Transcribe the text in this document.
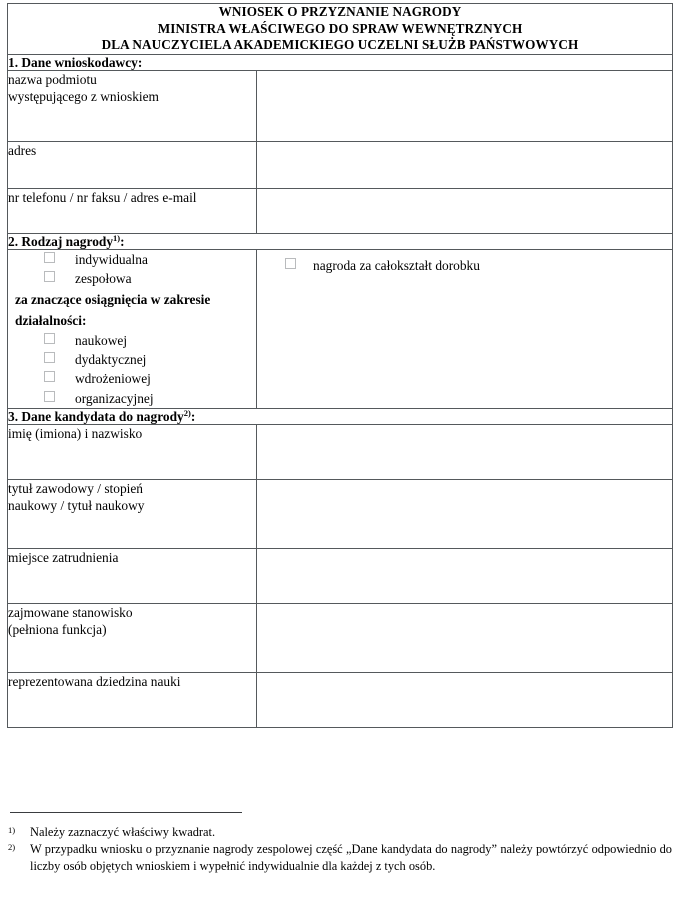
WNIOSEK O PRZYZNANIE NAGRODY
MINISTRA WŁAŚCIWEGO DO SPRAW WEWNĘTRZNYCH
DLA NAUCZYCIELA AKADEMICKIEGO UCZELNI SŁUŻB PAŃSTWOWYCH	

1. Dane wnioskodawcy:	

nazwa podmiotu
występującego z wnioskiem	

adres	

nr telefonu / nr faksu / adres e-mail	

2. Rodzaj nagrody$^{1)}$:	

indywidualna
zespołowa
za znaczące osiągnięcia w zakresie działalności:
naukowej
dydaktycznej
wdrożeniowej
organizacyjnej

nagroda za całokształt dorobku

3. Dane kandydata do nagrody$^{2)}$:	

imię (imiona) i nazwisko	

tytuł zawodowy / stopień
naukowy / tytuł naukowy	

miejsce zatrudnienia	

zajmowane stanowisko
(pełniona funkcja)	

reprezentowana dziedzina nauki	

1)	Należy zaznaczyć właściwy kwadrat.
2)	W przypadku wniosku o przyznanie nagrody zespolowej część „Dane kandydata do nagrody” należy powtórzyć odpowiednio do liczby osób objętych wnioskiem i wypełnić indywidualnie dla każdej z tych osób.
